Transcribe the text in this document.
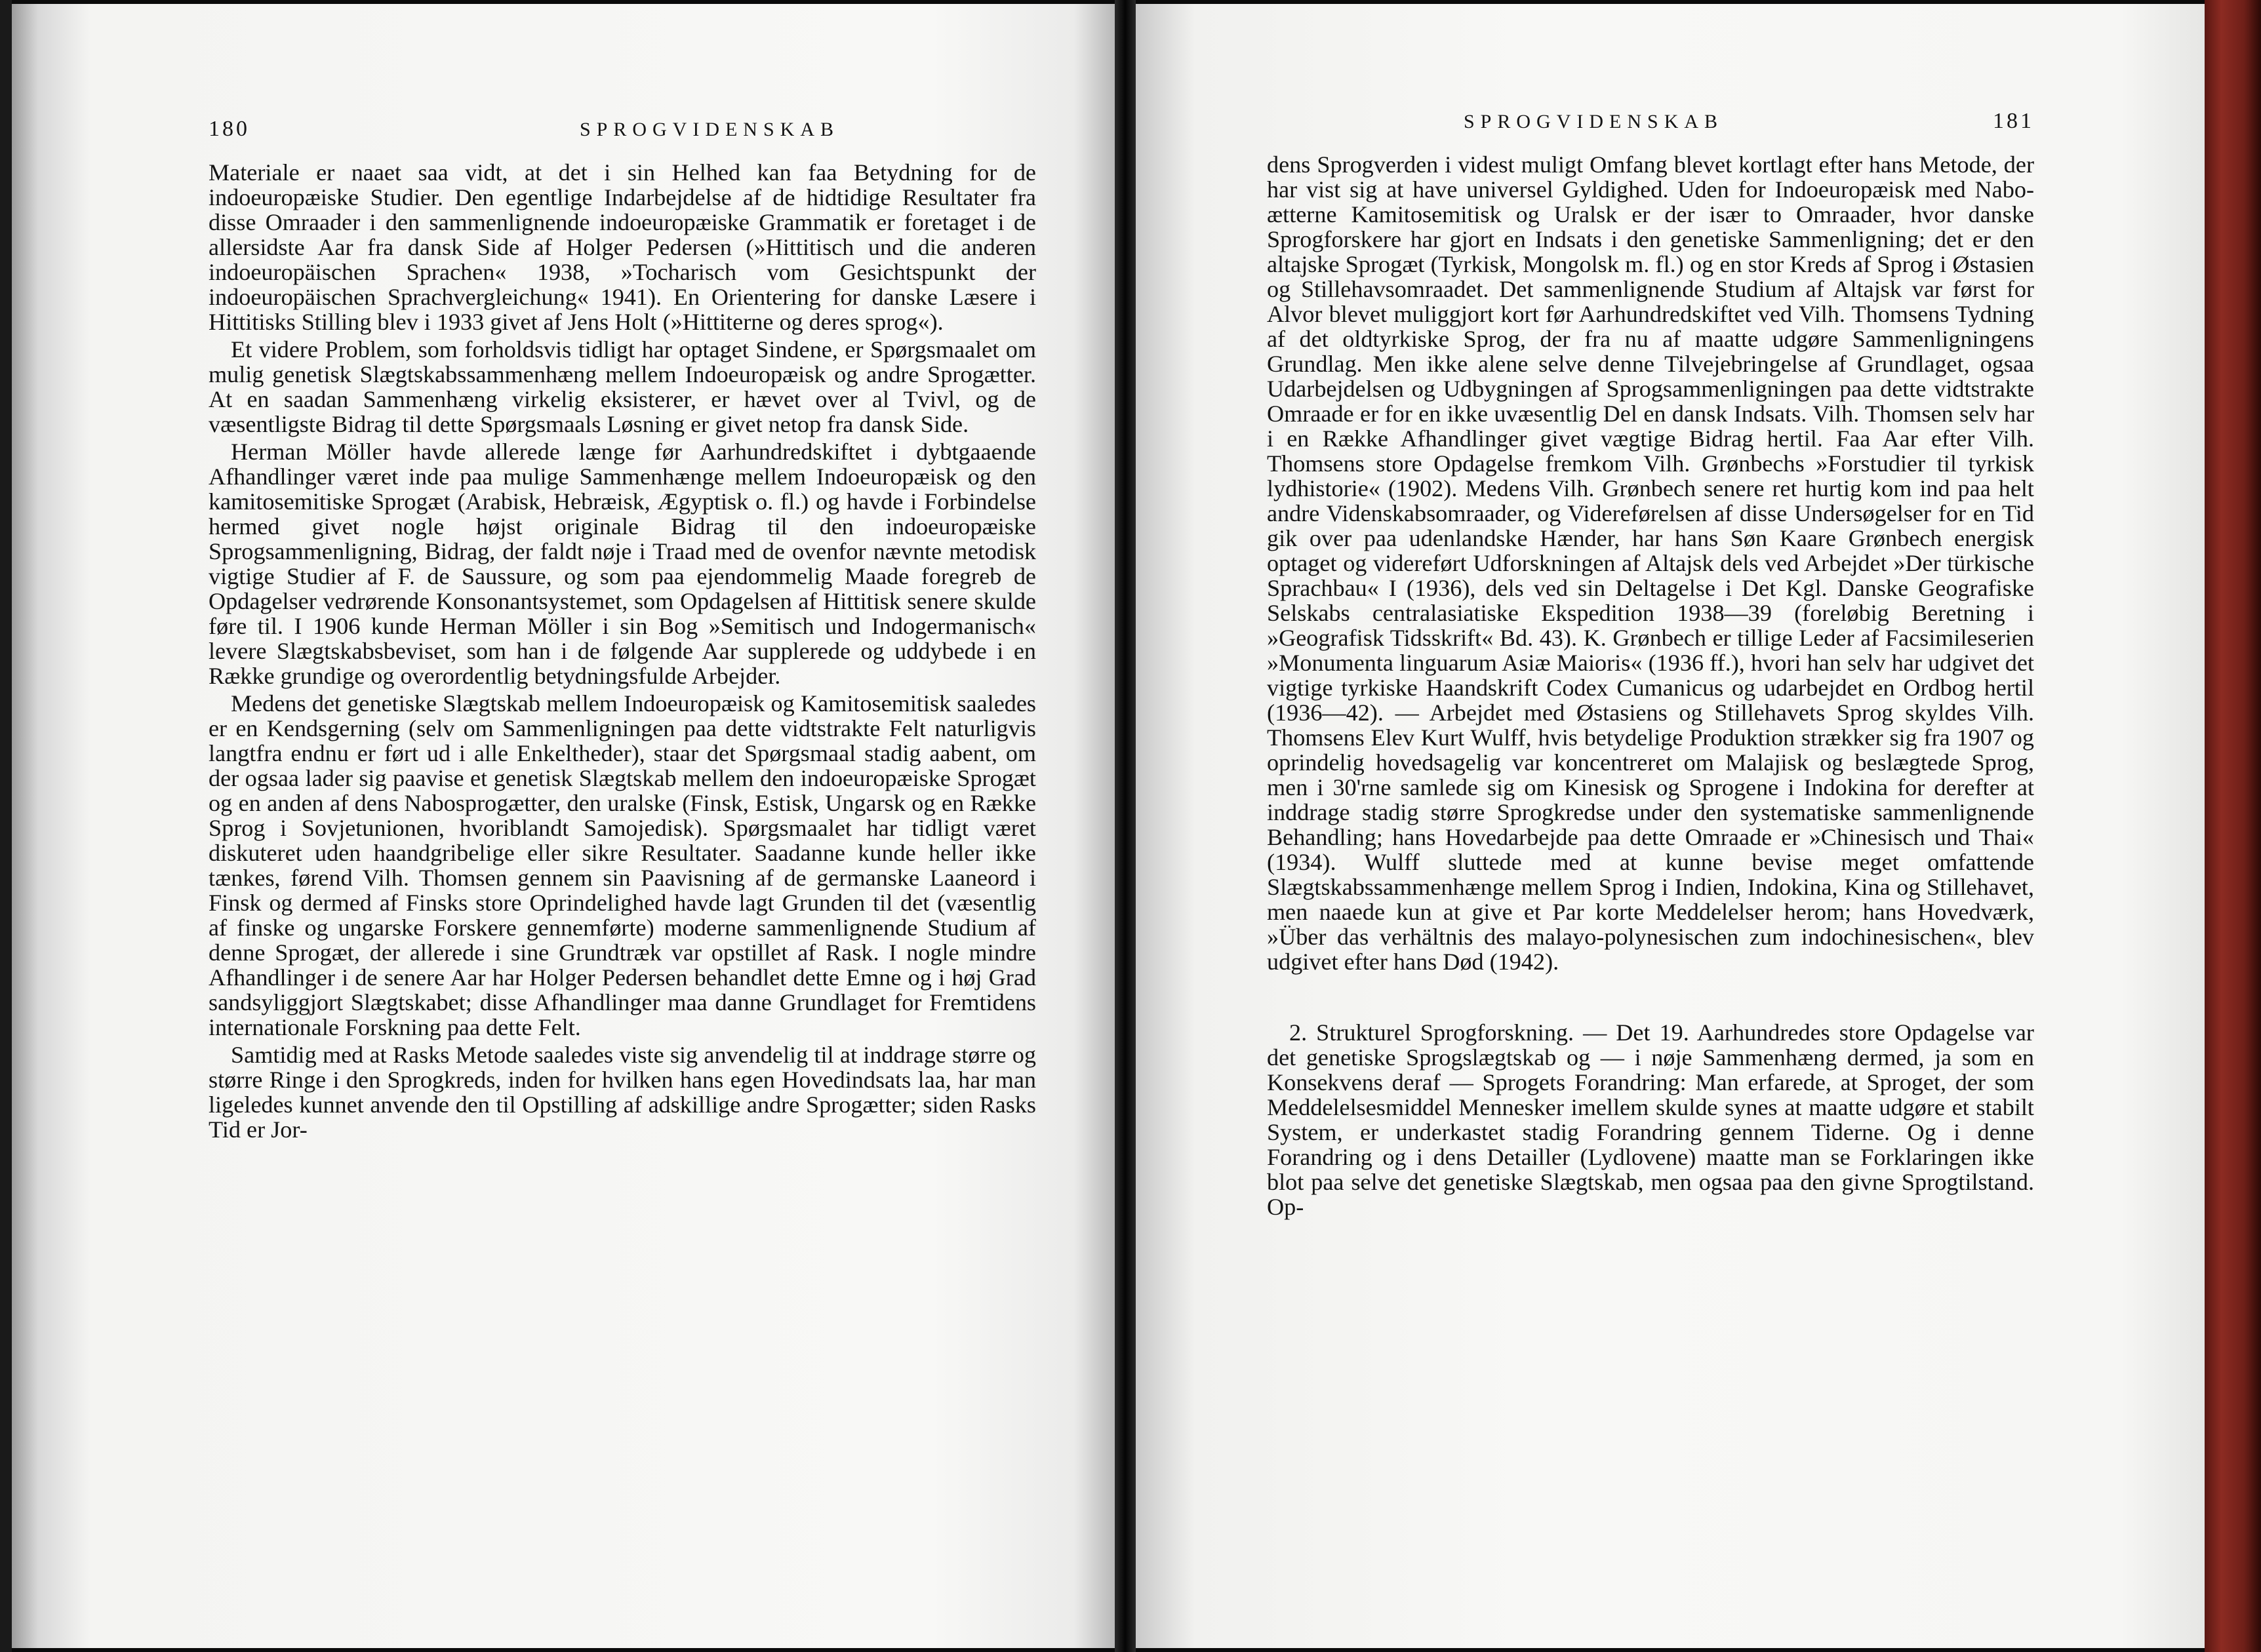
180	SPROGVIDENSKAB

Materiale er naaet saa vidt, at det i sin Helhed kan faa Betydning for de indoeuropæiske Studier. Den egentlige Indarbejdelse af de hidtidige Resultater fra disse Omraader i den sammenlignende indoeuropæiske Grammatik er foretaget i de allersidste Aar fra dansk Side af Holger Pedersen (»Hittitisch und die anderen indoeuropäischen Sprachen« 1938, »Tocharisch vom Gesichtspunkt der indoeuropäischen Sprachvergleichung« 1941). En Orientering for danske Læsere i Hittitisks Stilling blev i 1933 givet af Jens Holt (»Hittiterne og deres sprog«).

Et videre Problem, som forholdsvis tidligt har optaget Sindene, er Spørgsmaalet om mulig genetisk Slægtskabssammenhæng mellem Indoeuropæisk og andre Sprogætter. At en saadan Sammenhæng virkelig eksisterer, er hævet over al Tvivl, og de væsentligste Bidrag til dette Spørgsmaals Løsning er givet netop fra dansk Side.

Herman Möller havde allerede længe før Aarhundredskiftet i dybtgaaende Afhandlinger været inde paa mulige Sammenhænge mellem Indoeuropæisk og den kamitosemitiske Sprogæt (Arabisk, Hebræisk, Ægyptisk o. fl.) og havde i Forbindelse hermed givet nogle højst originale Bidrag til den indoeuropæiske Sprogsammenligning, Bidrag, der faldt nøje i Traad med de ovenfor nævnte metodisk vigtige Studier af F. de Saussure, og som paa ejendommelig Maade foregreb de Opdagelser vedrørende Konsonantsystemet, som Opdagelsen af Hittitisk senere skulde føre til. I 1906 kunde Herman Möller i sin Bog »Semitisch und Indogermanisch« levere Slægtskabsbeviset, som han i de følgende Aar supplerede og uddybede i en Række grundige og overordentlig betydningsfulde Arbejder.

Medens det genetiske Slægtskab mellem Indoeuropæisk og Kamitosemitisk saaledes er en Kendsgerning (selv om Sammenligningen paa dette vidtstrakte Felt naturligvis langtfra endnu er ført ud i alle Enkeltheder), staar det Spørgsmaal stadig aabent, om der ogsaa lader sig paavise et genetisk Slægtskab mellem den indoeuropæiske Sprogæt og en anden af dens Nabosprogætter, den uralske (Finsk, Estisk, Ungarsk og en Række Sprog i Sovjetunionen, hvoriblandt Samojedisk). Spørgsmaalet har tidligt været diskuteret uden haandgribelige eller sikre Resultater. Saadanne kunde heller ikke tænkes, førend Vilh. Thomsen gennem sin Paavisning af de germanske Laaneord i Finsk og dermed af Finsks store Oprindelighed havde lagt Grunden til det (væsentlig af finske og ungarske Forskere gennemførte) moderne sammenlignende Studium af denne Sprogæt, der allerede i sine Grundtræk var opstillet af Rask. I nogle mindre Afhandlinger i de senere Aar har Holger Pedersen behandlet dette Emne og i høj Grad sandsyliggjort Slægtskabet; disse Afhandlinger maa danne Grundlaget for Fremtidens internationale Forskning paa dette Felt.

Samtidig med at Rasks Metode saaledes viste sig anvendelig til at inddrage større og større Ringe i den Sprogkreds, inden for hvilken hans egen Hovedindsats laa, har man ligeledes kunnet anvende den til Opstilling af adskillige andre Sprogætter; siden Rasks Tid er Jor-

SPROGVIDENSKAB	181

dens Sprogverden i videst muligt Omfang blevet kortlagt efter hans Metode, der har vist sig at have universel Gyldighed. Uden for Indoeuropæisk med Naboætterne Kamitosemitisk og Uralsk er der især to Omraader, hvor danske Sprogforskere har gjort en Indsats i den genetiske Sammenligning; det er den altajske Sprogæt (Tyrkisk, Mongolsk m. fl.) og en stor Kreds af Sprog i Østasien og Stillehavsomraadet. Det sammenlignende Studium af Altajsk var først for Alvor blevet muliggjort kort før Aarhundredskiftet ved Vilh. Thomsens Tydning af det oldtyrkiske Sprog, der fra nu af maatte udgøre Sammenligningens Grundlag. Men ikke alene selve denne Tilvejebringelse af Grundlaget, ogsaa Udarbejdelsen og Udbygningen af Sprogsammenligningen paa dette vidtstrakte Omraade er for en ikke uvæsentlig Del en dansk Indsats. Vilh. Thomsen selv har i en Række Afhandlinger givet vægtige Bidrag hertil. Faa Aar efter Vilh. Thomsens store Opdagelse fremkom Vilh. Grønbechs »Forstudier til tyrkisk lydhistorie« (1902). Medens Vilh. Grønbech senere ret hurtig kom ind paa helt andre Videnskabsomraader, og Videreførelsen af disse Undersøgelser for en Tid gik over paa udenlandske Hænder, har hans Søn Kaare Grønbech energisk optaget og videreført Udforskningen af Altajsk dels ved Arbejdet »Der türkische Sprachbau« I (1936), dels ved sin Deltagelse i Det Kgl. Danske Geografiske Selskabs centralasiatiske Ekspedition 1938—39 (foreløbig Beretning i »Geografisk Tidsskrift« Bd. 43). K. Grønbech er tillige Leder af Facsimileserien »Monumenta linguarum Asiæ Maioris« (1936 ff.), hvori han selv har udgivet det vigtige tyrkiske Haandskrift Codex Cumanicus og udarbejdet en Ordbog hertil (1936—42). — Arbejdet med Østasiens og Stillehavets Sprog skyldes Vilh. Thomsens Elev Kurt Wulff, hvis betydelige Produktion strækker sig fra 1907 og oprindelig hovedsagelig var koncentreret om Malajisk og beslægtede Sprog, men i 30'rne samlede sig om Kinesisk og Sprogene i Indokina for derefter at inddrage stadig større Sprogkredse under den systematiske sammenlignende Behandling; hans Hovedarbejde paa dette Omraade er »Chinesisch und Thai« (1934). Wulff sluttede med at kunne bevise meget omfattende Slægtskabssammenhænge mellem Sprog i Indien, Indokina, Kina og Stillehavet, men naaede kun at give et Par korte Meddelelser herom; hans Hovedværk, »Über das verhältnis des malayo-polynesischen zum indochinesischen«, blev udgivet efter hans Død (1942).

2. Strukturel Sprogforskning. — Det 19. Aarhundredes store Opdagelse var det genetiske Sprogslægtskab og — i nøje Sammenhæng dermed, ja som en Konsekvens deraf — Sprogets Forandring: Man erfarede, at Sproget, der som Meddelelsesmiddel Mennesker imellem skulde synes at maatte udgøre et stabilt System, er underkastet stadig Forandring gennem Tiderne. Og i denne Forandring og i dens Detailler (Lydlovene) maatte man se Forklaringen ikke blot paa selve det genetiske Slægtskab, men ogsaa paa den givne Sprogtilstand. Op-
